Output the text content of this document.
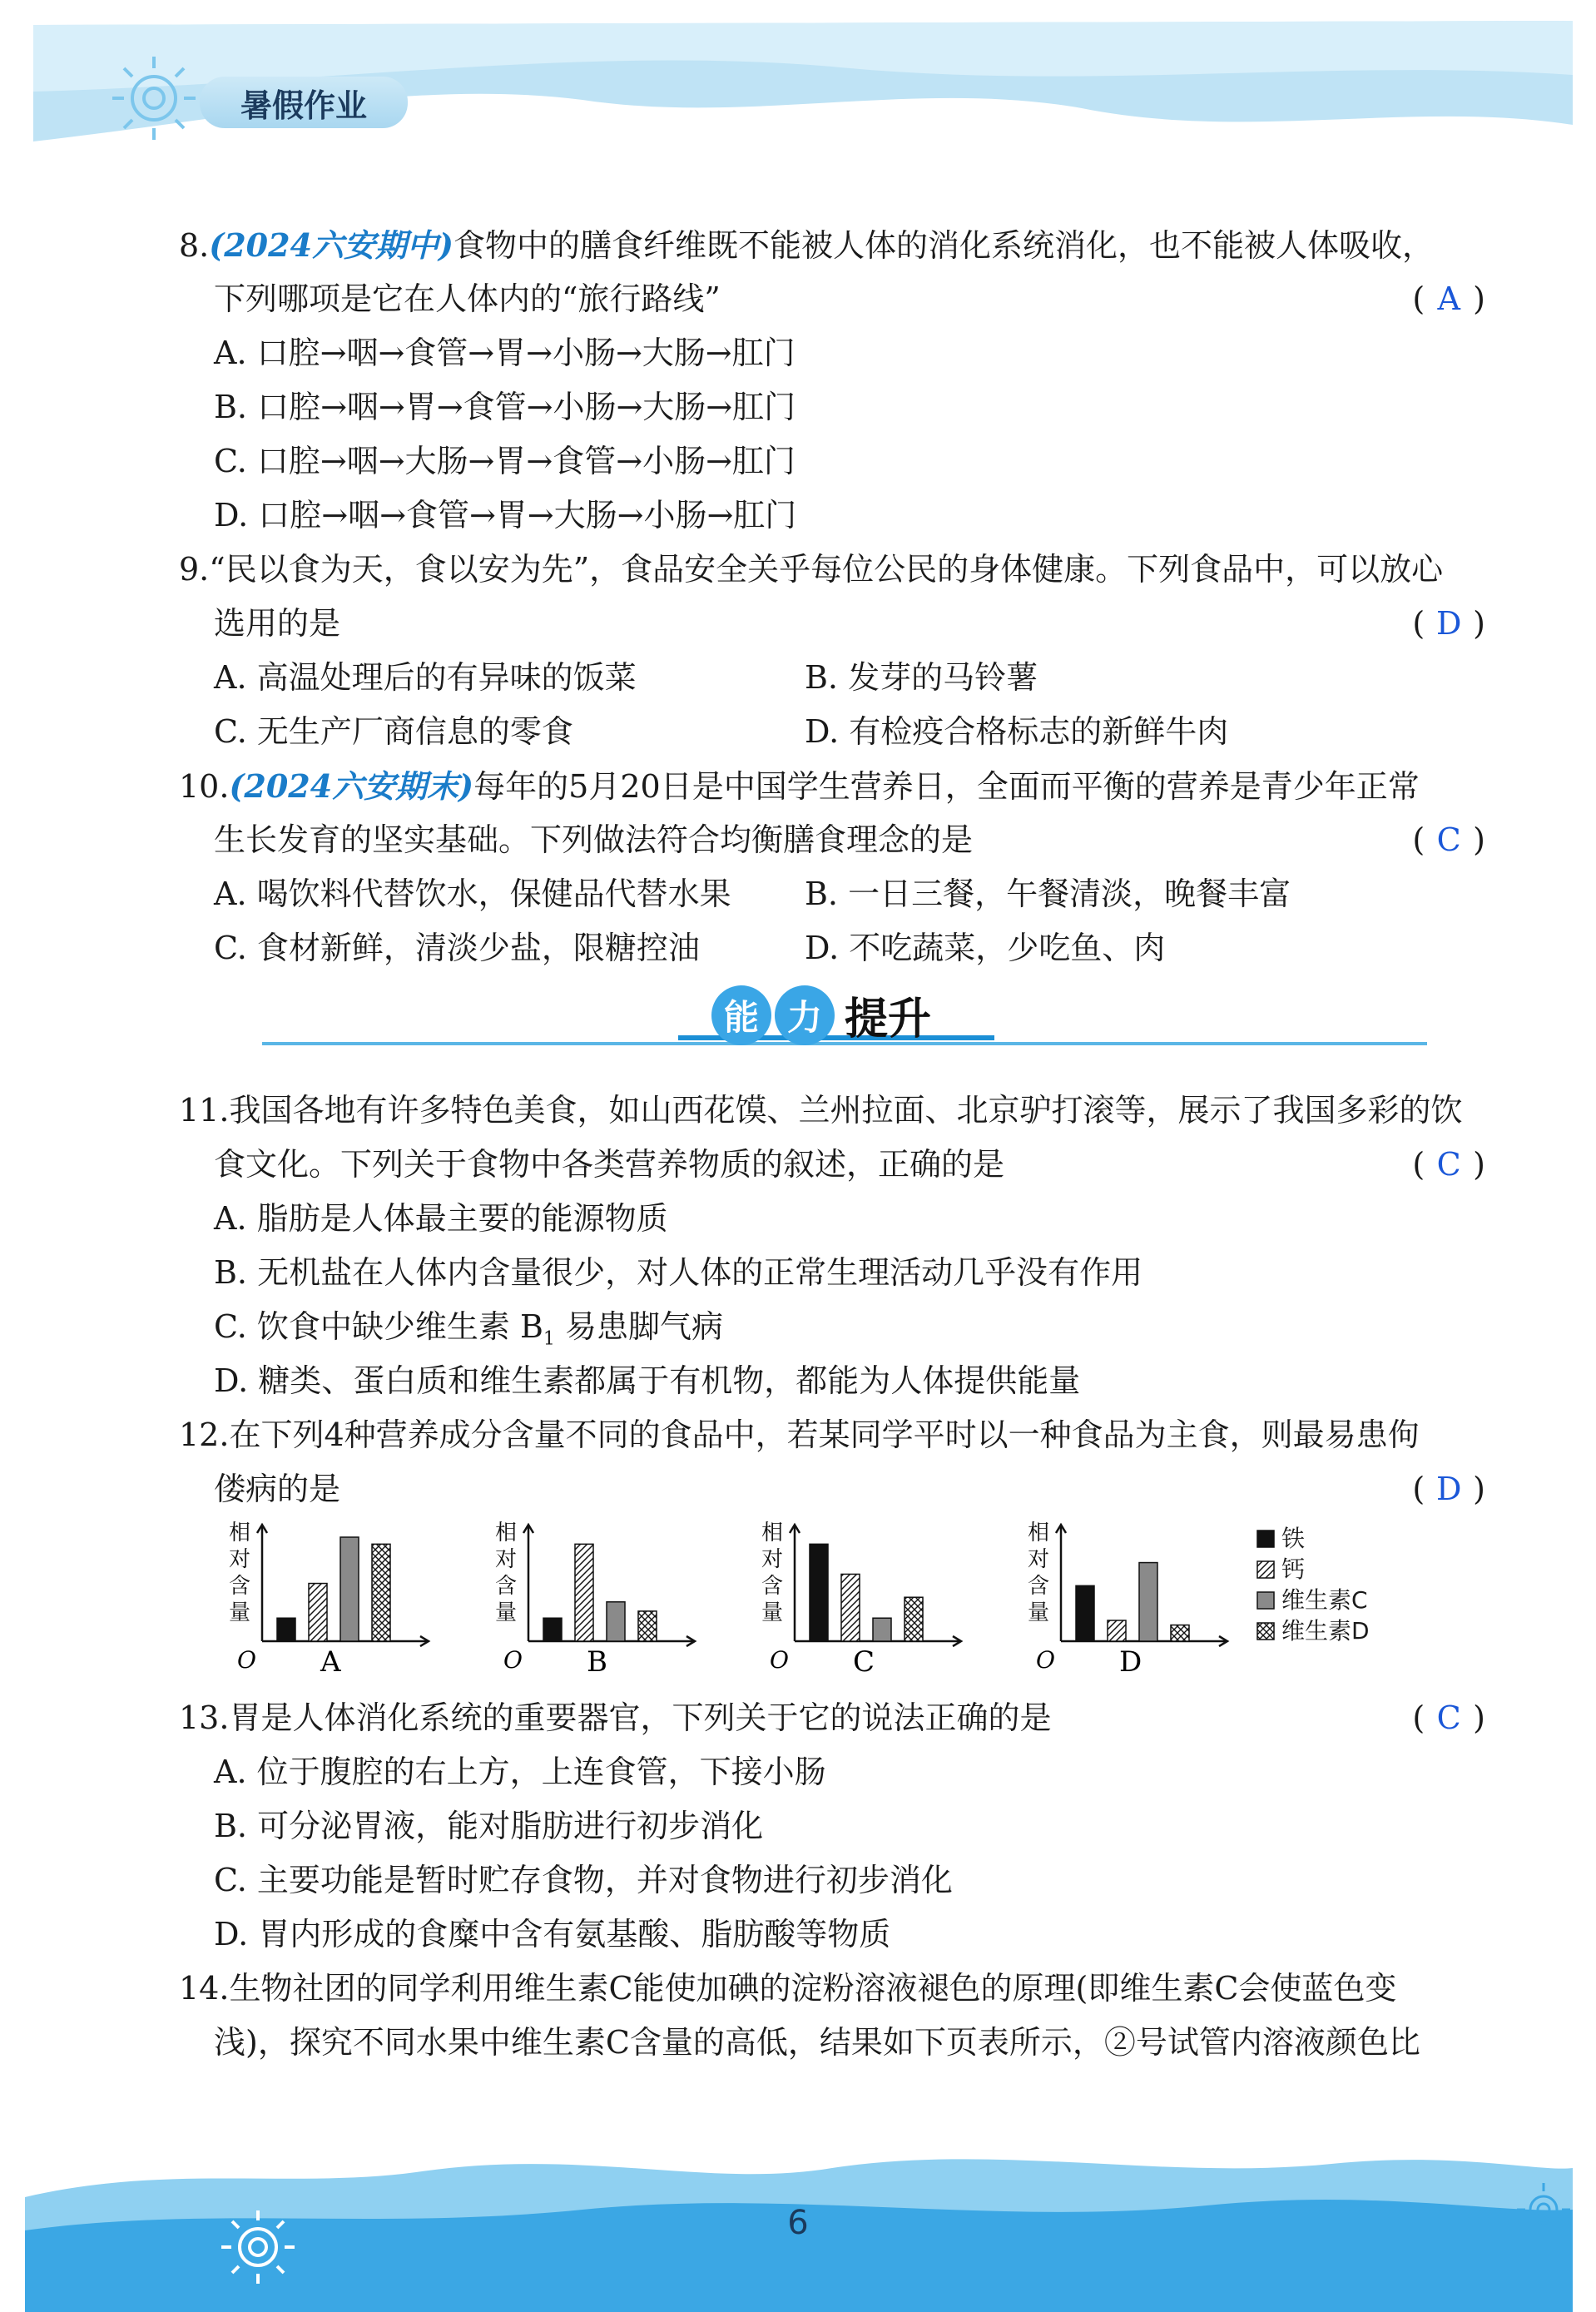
暑假作业
8.(2024六安期中)食物中的膳食纤维既不能被人体的消化系统消化，也不能被人体吸收，
下列哪项是它在人体内的“旅行路线”	( A )
A. 口腔→咽→食管→胃→小肠→大肠→肛门
B. 口腔→咽→胃→食管→小肠→大肠→肛门
C. 口腔→咽→大肠→胃→食管→小肠→肛门
D. 口腔→咽→食管→胃→大肠→小肠→肛门
9.“民以食为天，食以安为先”，食品安全关乎每位公民的身体健康。下列食品中，可以放心
选用的是	( D )
A. 高温处理后的有异味的饭菜	B. 发芽的马铃薯
C. 无生产厂商信息的零食	D. 有检疫合格标志的新鲜牛肉
10.(2024六安期末)每年的5月20日是中国学生营养日，全面而平衡的营养是青少年正常
生长发育的坚实基础。下列做法符合均衡膳食理念的是	( C )
A. 喝饮料代替饮水，保健品代替水果	B. 一日三餐，午餐清淡，晚餐丰富
C. 食材新鲜，清淡少盐，限糖控油	D. 不吃蔬菜，少吃鱼、肉
能 力 提升
11.我国各地有许多特色美食，如山西花馍、兰州拉面、北京驴打滚等，展示了我国多彩的饮
食文化。下列关于食物中各类营养物质的叙述，正确的是	( C )
A. 脂肪是人体最主要的能源物质
B. 无机盐在人体内含量很少，对人体的正常生理活动几乎没有作用
C. 饮食中缺少维生素 $B_1$ 易患脚气病
D. 糖类、蛋白质和维生素都属于有机物，都能为人体提供能量
12.在下列4种营养成分含量不同的食品中，若某同学平时以一种食品为主食，则最易患佝
偻病的是	( D )
相
对
含
量
O A
相
对
含
量
O B
相
对
含
量
O C
相
对
含
量
O D
铁
钙
维生素C
维生素D
13.胃是人体消化系统的重要器官，下列关于它的说法正确的是	( C )
A. 位于腹腔的右上方，上连食管，下接小肠
B. 可分泌胃液，能对脂肪进行初步消化
C. 主要功能是暂时贮存食物，并对食物进行初步消化
D. 胃内形成的食糜中含有氨基酸、脂肪酸等物质
14.生物社团的同学利用维生素C能使加碘的淀粉溶液褪色的原理(即维生素C会使蓝色变
浅)，探究不同水果中维生素C含量的高低，结果如下页表所示，②号试管内溶液颜色比
6
